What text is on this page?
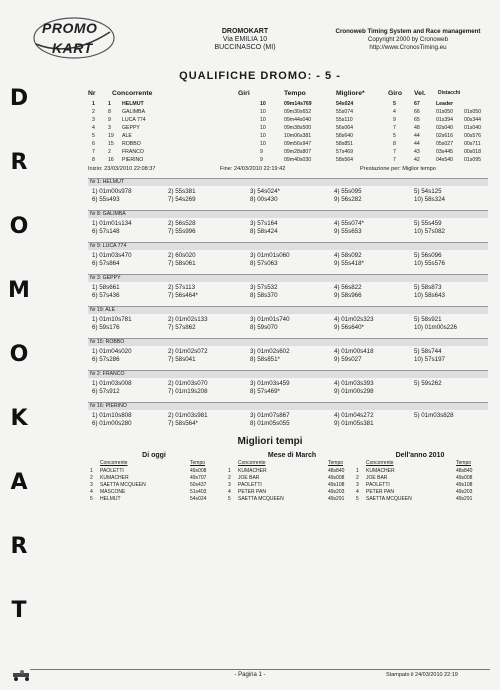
PROMO
KART
DROMOKART
Via EMILIA 10
BUCCINASCO (MI)
Cronoweb Timing System and Race management
Copyright 2000 by Cronoweb
http://www.CronosTiming.eu
QUALIFICHE DROMO: - 5 -
D
R
O
M
O
K
A
R
T
Nr Concorrente	Giri	Tempo	Migliore*	Giro Vel. Distacchi
1	1 HELMUT	10	09m14s769	54s024	5	67	Leader
2	8 GALIMBA	10	09m30s652	55s074	4	66	01s050 01s050
3	9 LUCA 774	10	09m44s040	55s110	9	65	01s394 00s344
4	3 GEPPY	10	09m38s500	56s064	7	48	02s040 01s040
5	19 ALE	10	10m06s381	58s640	5	44	02s616 00s576
6	15 ROBBO	10	09m56s947	58s851	8	44	05s027 00s711
7	2 FRANCO	9	09m28s807	57s469	7	43	03s445 00s018
8	16 PIERINO	9	09m40s030	58s564	7	42	04s540 01s095
Inizio: 23/03/2010 22:08:37	Fine: 24/03/2010 22:19:42	Prestazione per: Miglior tempo
Nr 1: HELMUT
1) 01m00s978	2) 55s381	3) 54s024*	4) 55s095	5) 54s125
6) 55s493	7) 54s269	8) 00s430	9) 56s282	10) 58s324
Nr 8: GALIMBA
1) 01m01s134	2) 56s528	3) 57s164	4) 55s074*	5) 55s459
6) 57s148	7) 55s996	8) 58s424	9) 55s653	10) 57s082
Nr 9: LUCA 774
1) 01m03s470	2) 60s020	3) 01m01s060	4) 58s092	5) 56s096
6) 57s864	7) 58s061	8) 57s063	9) 55s418*	10) 55s576
Nr 3: GEPPY
1) 58s661	2) 57s113	3) 57s532	4) 56s822	5) 58s873
6) 57s436	7) 56s464*	8) 58s370	9) 58s966	10) 58s643
Nr 19: ALE
1) 01m10s781	2) 01m02s133	3) 01m01s740	4) 01m02s323	5) 58s921
6) 59s176	7) 57s862	8) 59s070	9) 56s640*	10) 01m00s226
Nr 15: ROBBO
1) 01m04s020	2) 01m02s072	3) 01m02s602	4) 01m00s418	5) 58s744
6) 57s286	7) 58s041	8) 58s851*	9) 59s027	10) 57s197
Nr 2: FRANCO
1) 01m03s008	2) 01m03s070	3) 01m03s459	4) 01m03s393	5) 59s262
6) 57s912	7) 01m19s208	8) 57s469*	9) 01m00s298
Nr 16: PIERINO
1) 01m10s808	2) 01m03s981	3) 01m07s867	4) 01m04s272	5) 01m03s828
6) 01m00s280	7) 58s564*	8) 01m05s055	9) 01m05s381
Migliori tempi
Di oggi
Concorrente	Tempo
1 PAOLETTI	49s008
2 KUMACHER	49s707
3 SAETTA MCQUEEN	50s437
4 MASCONE	51s403
5 HELMUT	54s024
Mese di March
Concorrente	Tempo
1 KUMACHER	48s840
2 JOE BAR	49s008
3 PAOLETTI	49s108
4 PETER PAN	49s203
5 SAETTA MCQUEEN	49s291
Dell'anno 2010
Concorrente	Tempo
1 KUMACHER	48s840
2 JOE BAR	49s008
3 PAOLETTI	49s108
4 PETER PAN	49s203
5 SAETTA MCQUEEN	49s291
- Pagina 1 -	Stampato il 24/03/2010 22:19
